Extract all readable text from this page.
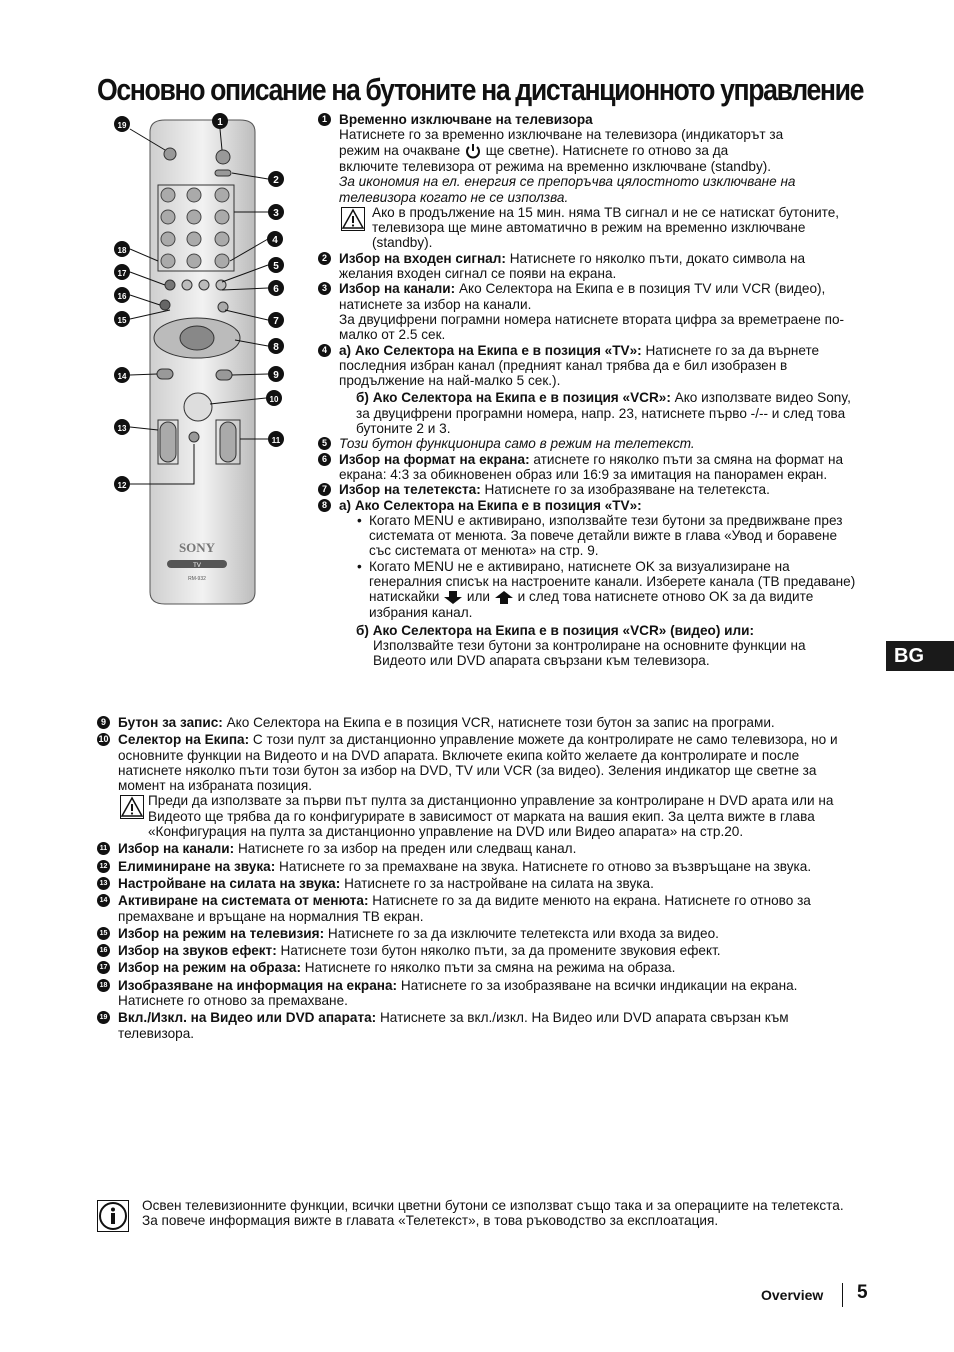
Основно описание на бутоните на дистанционното управление
BG
SONY
TV
RM-932
1
2
3
4
5
6
7
8
9
10
11
12
13
14
15
16
17
18
19
1 Временно изключване на телевизора
Натиснете го за временно изключване на телевизора (индикаторът за
режим на очакване ще светне). Натиснете го отново за да
включите телевизора от режима на временно изключване (standby).
За икономия на ел. енергия се препоръчва цялостното изключване на телевизора когато не се използва.
Ако в продължение на 15 мин. няма ТВ сигнал и не се натискат бутоните, телевизора ще мине автоматично в режим на временно изключване (standby).
2 Избор на входен сигнал: Натиснете го няколко пъти, докато символа на желания входен сигнал се появи на екрана.
3 Избор на канали: Ако Селектора на Екипа е в позиция TV или VCR (видео), натиснете за избор на канали.
За двуцифрени пограмни номера натиснете втората цифра за времетраене по-малко от 2.5 сек.
4 а) Ако Селектора на Екипа е в позиция «TV»: Натиснете го за да върнете последния избран канал (предният канал трябва да е бил изобразен в продължение на най-малко 5 сек.).
б) Ако Селектора на Екипа е в позиция «VCR»: Ако използвате видео Sony, за двуцифрени програмни номера, напр. 23, натиснете първо -/-- и след това бутоните 2 и 3.
5 Този бутон функционира само в режим на телетекст.
6 Избор на формат на екрана: атиснете го няколко пъти за смяна на формат на екрана: 4:3 за обикновенен образ или 16:9 за имитация на панорамен екран.
7 Избор на телетекста: Натиснете го за изобразяване на телетекста.
8 а) Ако Селектора на Екипа е в позиция «TV»:
• Когато MENU е активирано, използвайте тези бутони за предвижване през системата от менюта. За повече детайли вижте в глава «Увод и боравене със системата от менюта» на стр. 9.
• Когато MENU не е активирано, натиснете OK за визуализиране на генералния списък на настроените канали. Изберете канала (ТВ предаване) натискайки или и след това натиснете отново OK за да видите избрания канал.
б) Ако Селектора на Екипа е в позиция «VCR» (видео) или:
Използвайте тези бутони за контролиране на основните функции на Видеото или DVD апарата свързани към телевизора.
9 Бутон за запис: Ако Селектора на Екипа е в позиция VCR, натиснете този бутон за запис на програми.
10 Селектор на Екипа: С този пулт за дистанционно управление можете да контролирате не само телевизора, но и основните функции на Видеото и на DVD апарата. Включете екипа който желаете да контролирате и после натиснете няколко пъти този бутон за избор на DVD, TV или VCR (за видео). Зеления индикатор ще светне за момент на избраната позиция.
Преди да използвате за първи път пулта за дистанционно управление за контролиране н DVD арата или на Видеото ще трябва да го конфигурирате в зависимост от марката на вашия екип. За целта вижте в глава «Конфигурация на пулта за дистанционно управление на DVD или Видео апарата» на стр.20.
11 Избор на канали: Натиснете го за избор на преден или следващ канал.
12 Елиминиране на звука: Натиснете го за премахване на звука. Натиснете го отново за възвръщане на звука.
13 Настройване на силата на звука: Натиснете го за настройване на силата на звука.
14 Активиране на системата от менюта: Натиснете го за да видите менюто на екрана. Натиснете го отново за премахване и връщане на нормалния ТВ екран.
15 Избор на режим на телевизия: Натиснете го за да изключите телетекста или входа за видео.
16 Избор на звуков ефект: Натиснете този бутон няколко пъти, за да промените звуковия ефект.
17 Избор на режим на образа: Натиснете го няколко пъти за смяна на режима на образа.
18 Изобразяване на информация на екрана: Натиснете го за изобразяване на всички индикации на екрана. Натиснете го отново за премахване.
19 Вкл./Изкл. на Видео или DVD апарата: Натиснете за вкл./изкл. На Видео или DVD апарата свързан към телевизора.
Освен телевизионните функции, всички цветни бутони се използват също така и за операциите на телетекста. За повече информация вижте в главата «Телетекст», в това ръководство за експлоатация.
Overview 5
